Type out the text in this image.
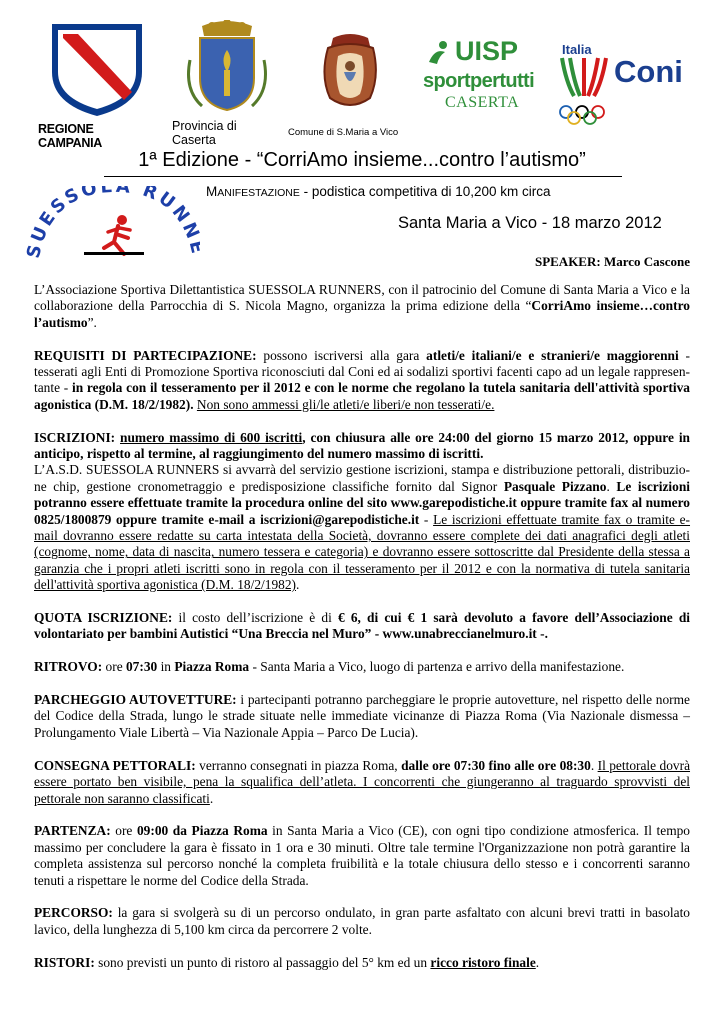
REGIONE CAMPANIA
Provincia di Caserta
Comune di S.Maria a Vico
UISP
sportpertutti
CASERTA
Italia
Coni
1ª Edizione - “CorriAmo insieme...contro l’autismo”
SUESSOLA RUN
MANIFESTAZIONE - podistica competitiva di 10,200 km circa
Santa Maria a Vico - 18 marzo 2012
SPEAKER: Marco Cascone

L’Associazione Sportiva Dilettantistica SUESSOLA RUNNERS, con il patrocinio del Comune di Santa Maria a Vico e la collaborazione della Parrocchia di S. Nicola Magno, organizza la prima edizione della “CorriAmo insieme…contro l’autismo”.

REQUISITI DI PARTECIPAZIONE: possono iscriversi alla gara atleti/e italiani/e e stranieri/e maggiorenni - tesserati agli Enti di Promozione Sportiva riconosciuti dal Coni ed ai sodalizi sportivi facenti capo ad un legale rappresen-tante - in regola con il tesseramento per il 2012 e con le norme che regolano la tutela sanitaria dell'attività sportiva agonistica (D.M. 18/2/1982). Non sono ammessi gli/le atleti/e liberi/e non tesserati/e.

ISCRIZIONI: numero massimo di 600 iscritti, con chiusura alle ore 24:00 del giorno 15 marzo 2012, oppure in anticipo, rispetto al termine, al raggiungimento del numero massimo di iscritti.
L’A.S.D. SUESSOLA RUNNERS si avvarrà del servizio gestione iscrizioni, stampa e distribuzione pettorali, distribuzio-ne chip, gestione cronometraggio e predisposizione classifiche fornito dal Signor Pasquale Pizzano. Le iscrizioni potranno essere effettuate tramite la procedura online del sito www.garepodistiche.it oppure tramite fax al numero 0825/1800879 oppure tramite e-mail a iscrizioni@garepodistiche.it - Le iscrizioni effettuate tramite fax o tramite e-mail dovranno essere redatte su carta intestata della Società, dovranno essere complete dei dati anagrafici degli atleti (cognome, nome, data di nascita, numero tessera e categoria) e dovranno essere sottoscritte dal Presidente della stessa a garanzia che i propri atleti iscritti sono in regola con il tesseramento per il 2012 e con la normativa di tutela sanitaria dell'attività sportiva agonistica (D.M. 18/2/1982).

QUOTA ISCRIZIONE: il costo dell’iscrizione è di € 6, di cui € 1 sarà devoluto a favore dell’Associazione di volontariato per bambini Autistici “Una Breccia nel Muro” - www.unabreccianelmuro.it -.

RITROVO: ore 07:30 in Piazza Roma - Santa Maria a Vico, luogo di partenza e arrivo della manifestazione.

PARCHEGGIO AUTOVETTURE: i partecipanti potranno parcheggiare le proprie autovetture, nel rispetto delle norme del Codice della Strada, lungo le strade situate nelle immediate vicinanze di Piazza Roma (Via Nazionale dismessa – Prolungamento Viale Libertà – Via Nazionale Appia – Parco De Lucia).

CONSEGNA PETTORALI: verranno consegnati in piazza Roma, dalle ore 07:30 fino alle ore 08:30. Il pettorale dovrà essere portato ben visibile, pena la squalifica dell’atleta. I concorrenti che giungeranno al traguardo sprovvisti del pettorale non saranno classificati.

PARTENZA: ore 09:00 da Piazza Roma in Santa Maria a Vico (CE), con ogni tipo condizione atmosferica. Il tempo massimo per concludere la gara è fissato in 1 ora e 30 minuti. Oltre tale termine l'Organizzazione non potrà garantire la completa assistenza sul percorso nonché la completa fruibilità e la totale chiusura dello stesso e i concorrenti saranno tenuti a rispettare le norme del Codice della Strada.

PERCORSO: la gara si svolgerà su di un percorso ondulato, in gran parte asfaltato con alcuni brevi tratti in basolato lavico, della lunghezza di 5,100 km circa da percorrere 2 volte.

RISTORI: sono previsti un punto di ristoro al passaggio del 5° km ed un ricco ristoro finale.
